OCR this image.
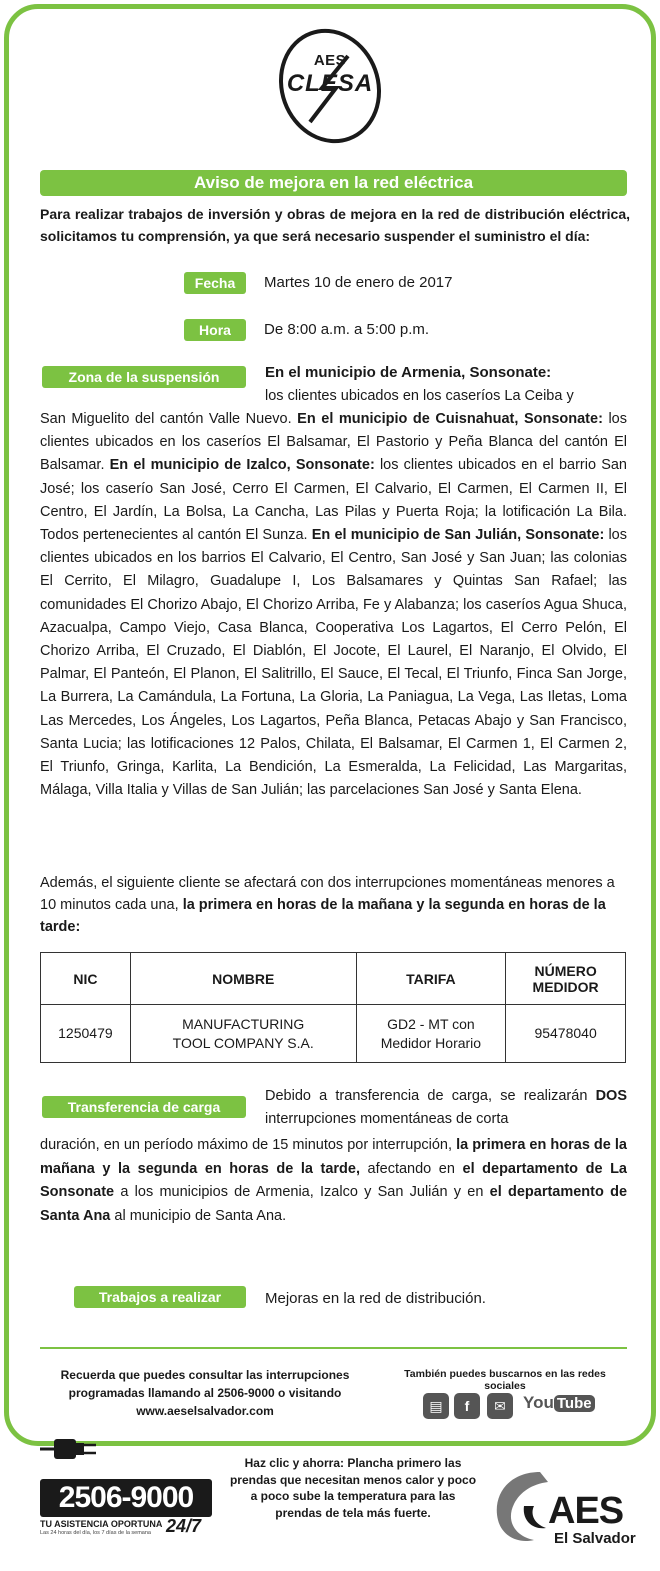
AES
CLESA
Aviso de mejora en la red eléctrica
Para realizar trabajos de inversión y obras de mejora en la red de distribución eléctrica, solicitamos tu comprensión, ya que será necesario suspender el suministro el día:
Fecha	Martes 10 de enero de 2017
Hora	De 8:00 a.m. a 5:00 p.m.
Zona de la suspensión	En el municipio de Armenia, Sonsonate:
los clientes ubicados en los caseríos La Ceiba y
San Miguelito del cantón Valle Nuevo. En el municipio de Cuisnahuat, Sonsonate: los clientes ubicados en los caseríos El Balsamar, El Pastorio y Peña Blanca del cantón El Balsamar. En el municipio de Izalco, Sonsonate: los clientes ubicados en el barrio San José; los caserío San José, Cerro El Carmen, El Calvario, El Carmen, El Carmen II, El Centro, El Jardín, La Bolsa, La Cancha, Las Pilas y Puerta Roja; la lotificación La Bila. Todos pertenecientes al cantón El Sunza. En el municipio de San Julián, Sonsonate: los clientes ubicados en los barrios El Calvario, El Centro, San José y San Juan; las colonias El Cerrito, El Milagro, Guadalupe I, Los Balsamares y Quintas San Rafael; las comunidades El Chorizo Abajo, El Chorizo Arriba, Fe y Alabanza; los caseríos Agua Shuca, Azacualpa, Campo Viejo, Casa Blanca, Cooperativa Los Lagartos, El Cerro Pelón, El Chorizo Arriba, El Cruzado, El Diablón, El Jocote, El Laurel, El Naranjo, El Olvido, El Palmar, El Panteón, El Planon, El Salitrillo, El Sauce, El Tecal, El Triunfo, Finca San Jorge, La Burrera, La Camándula, La Fortuna, La Gloria, La Paniagua, La Vega, Las Iletas, Loma Las Mercedes, Los Ángeles, Los Lagartos, Peña Blanca, Petacas Abajo y San Francisco, Santa Lucia; las lotificaciones 12 Palos, Chilata, El Balsamar, El Carmen 1, El Carmen 2, El Triunfo, Gringa, Karlita, La Bendición, La Esmeralda, La Felicidad, Las Margaritas, Málaga, Villa Italia y Villas de San Julián; las parcelaciones San José y Santa Elena.
Además, el siguiente cliente se afectará con dos interrupciones momentáneas menores a 10 minutos cada una, la primera en horas de la mañana y la segunda en horas de la tarde:
NIC	NOMBRE	TARIFA	NÚMERO MEDIDOR
1250479	MANUFACTURING TOOL COMPANY S.A.	GD2 - MT con Medidor Horario	95478040
Transferencia de carga
Debido a transferencia de carga, se realizarán DOS interrupciones momentáneas de corta
duración, en un período máximo de 15 minutos por interrupción, la primera en horas de la mañana y la segunda en horas de la tarde, afectando en el departamento de La Sonsonate a los municipios de Armenia, Izalco y San Julián y en el departamento de Santa Ana al municipio de Santa Ana.
Trabajos a realizar	Mejoras en la red de distribución.
Recuerda que puedes consultar las interrupciones programadas llamando al 2506-9000 o visitando www.aeselsalvador.com
También puedes buscarnos en las redes sociales
▤	f	✉	You Tube
2506-9000
TU ASISTENCIA OPORTUNA
Las 24 horas del día, los 7 días de la semana 24/7
Haz clic y ahorra: Plancha primero las prendas que necesitan menos calor y poco a poco sube la temperatura para las prendas de tela más fuerte.	AES
El Salvador
